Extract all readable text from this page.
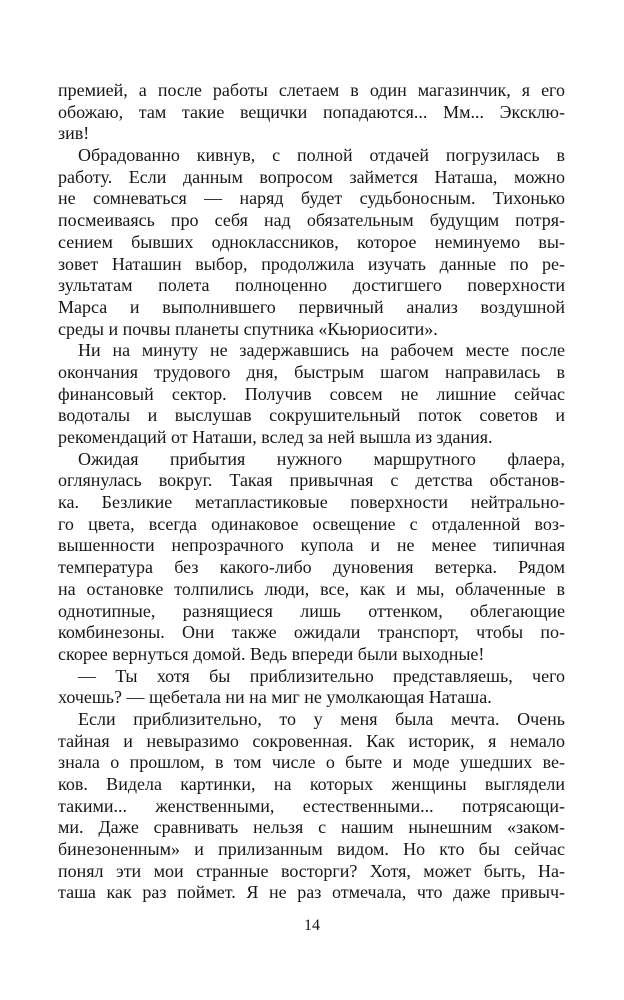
премией, а после работы слетаем в один магазинчик, я его
обожаю, там такие вещички попадаются... Мм... Эксклю-
зив!
Обрадованно кивнув, с полной отдачей погрузилась в
работу. Если данным вопросом займется Наташа, можно
не сомневаться — наряд будет судьбоносным. Тихонько
посмеиваясь про себя над обязательным будущим потря-
сением бывших одноклассников, которое неминуемо вы-
зовет Наташин выбор, продолжила изучать данные по ре-
зультатам полета полноценно достигшего поверхности
Марса и выполнившего первичный анализ воздушной
среды и почвы планеты спутника «Кьюриосити».
Ни на минуту не задержавшись на рабочем месте после
окончания трудового дня, быстрым шагом направилась в
финансовый сектор. Получив совсем не лишние сейчас
водоталы и выслушав сокрушительный поток советов и
рекомендаций от Наташи, вслед за ней вышла из здания.
Ожидая прибытия нужного маршрутного флаера,
оглянулась вокруг. Такая привычная с детства обстанов-
ка. Безликие метапластиковые поверхности нейтрально-
го цвета, всегда одинаковое освещение с отдаленной воз-
вышенности непрозрачного купола и не менее типичная
температура без какого-либо дуновения ветерка. Рядом
на остановке толпились люди, все, как и мы, облаченные в
однотипные, разнящиеся лишь оттенком, облегающие
комбинезоны. Они также ожидали транспорт, чтобы по-
скорее вернуться домой. Ведь впереди были выходные!
— Ты хотя бы приблизительно представляешь, чего
хочешь? — щебетала ни на миг не умолкающая Наташа.
Если приблизительно, то у меня была мечта. Очень
тайная и невыразимо сокровенная. Как историк, я немало
знала о прошлом, в том числе о быте и моде ушедших ве-
ков. Видела картинки, на которых женщины выглядели
такими... женственными, естественными... потрясающи-
ми. Даже сравнивать нельзя с нашим нынешним «заком-
бинезоненным» и прилизанным видом. Но кто бы сейчас
понял эти мои странные восторги? Хотя, может быть, На-
таша как раз поймет. Я не раз отмечала, что даже привыч-
14
